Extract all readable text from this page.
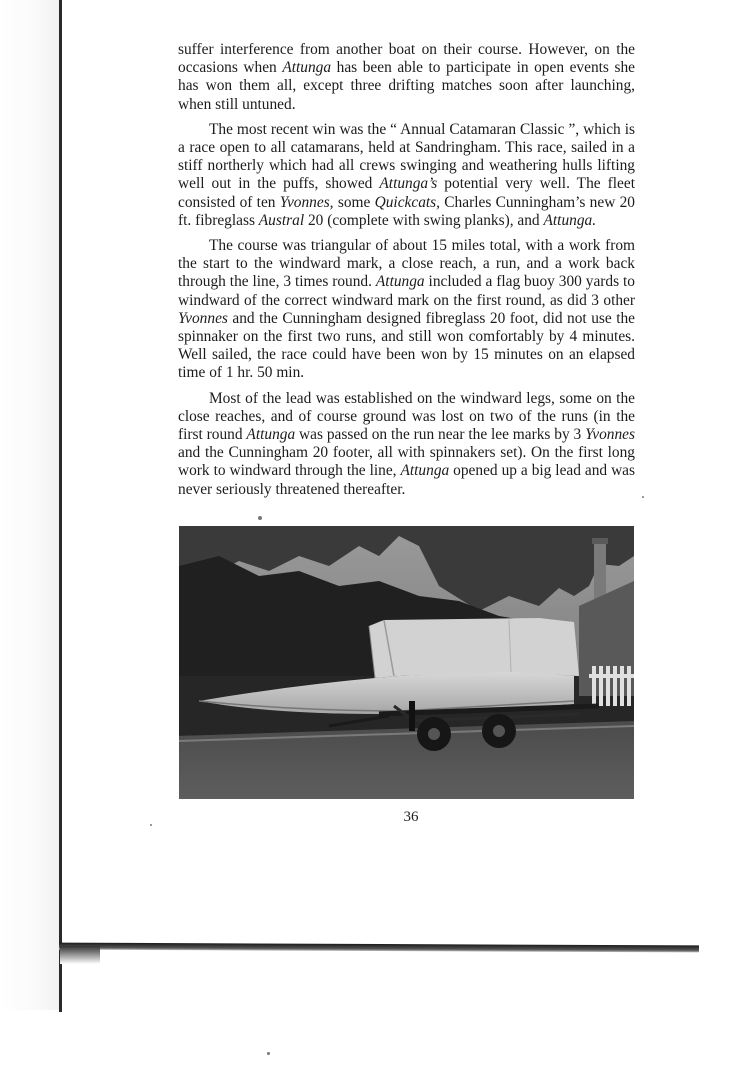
suffer interference from another boat on their course. However, on the occasions when Attunga has been able to participate in open events she has won them all, except three drifting matches soon after launching, when still untuned.

The most recent win was the “ Annual Catamaran Classic ”, which is a race open to all catamarans, held at Sandringham. This race, sailed in a stiff northerly which had all crews swinging and weathering hulls lifting well out in the puffs, showed Attunga’s potential very well. The fleet consisted of ten Yvonnes, some Quickcats, Charles Cunningham’s new 20 ft. fibreglass Austral 20 (complete with swing planks), and Attunga.

The course was triangular of about 15 miles total, with a work from the start to the windward mark, a close reach, a run, and a work back through the line, 3 times round. Attunga included a flag buoy 300 yards to windward of the correct windward mark on the first round, as did 3 other Yvonnes and the Cunningham designed fibreglass 20 foot, did not use the spinnaker on the first two runs, and still won comfortably by 4 minutes. Well sailed, the race could have been won by 15 minutes on an elapsed time of 1 hr. 50 min.

Most of the lead was established on the windward legs, some on the close reaches, and of course ground was lost on two of the runs (in the first round Attunga was passed on the run near the lee marks by 3 Yvonnes and the Cunningham 20 footer, all with spinnakers set). On the first long work to windward through the line, Attunga opened up a big lead and was never seriously threatened thereafter.

36
